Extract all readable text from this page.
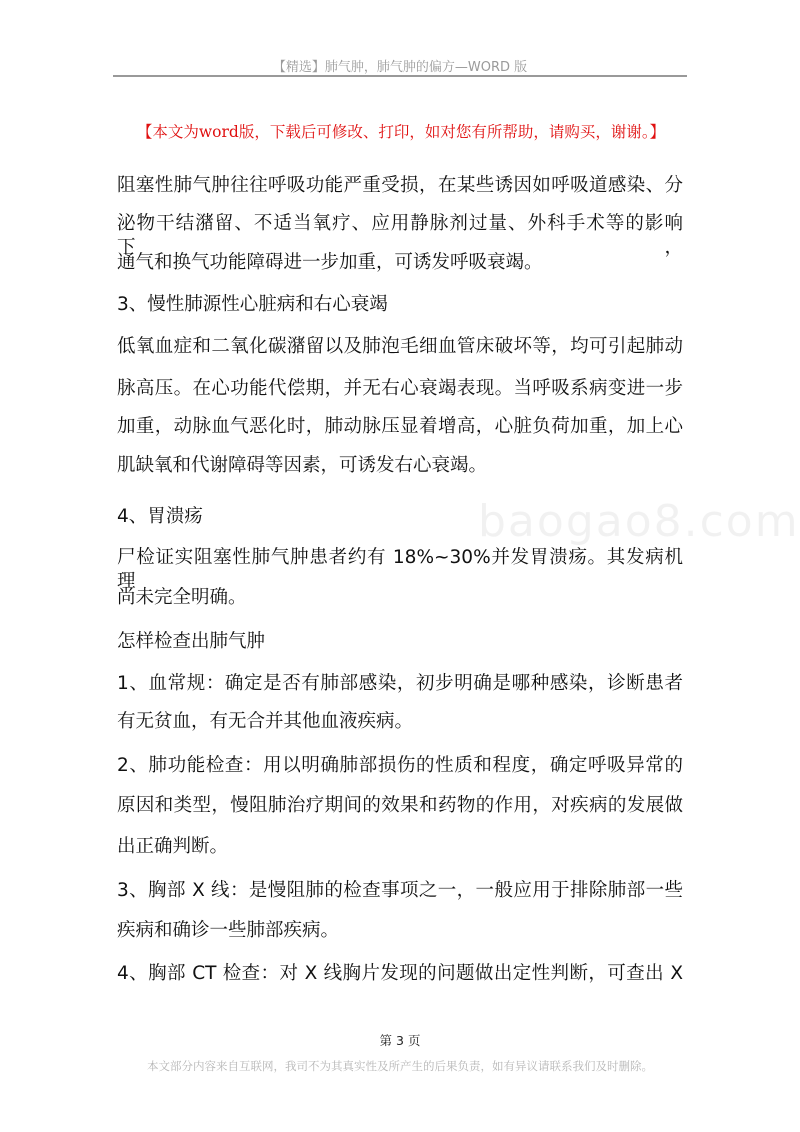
【精选】肺气肿，肺气肿的偏方—WORD 版
【本文为word版，下载后可修改、打印，如对您有所帮助，请购买，谢谢。】
baogao8.com
阻塞性肺气肿往往呼吸功能严重受损，在某些诱因如呼吸道感染、分
泌物干结潴留、不适当氧疗、应用静脉剂过量、外科手术等的影响下，
通气和换气功能障碍进一步加重，可诱发呼吸衰竭。
3、慢性肺源性心脏病和右心衰竭
低氧血症和二氧化碳潴留以及肺泡毛细血管床破坏等，均可引起肺动
脉高压。在心功能代偿期，并无右心衰竭表现。当呼吸系病变进一步
加重，动脉血气恶化时，肺动脉压显着增高，心脏负荷加重，加上心
肌缺氧和代谢障碍等因素，可诱发右心衰竭。
4、胃溃疡
尸检证实阻塞性肺气肿患者约有 18%~30%并发胃溃疡。其发病机理
尚未完全明确。
怎样检查出肺气肿
1、血常规：确定是否有肺部感染，初步明确是哪种感染，诊断患者
有无贫血，有无合并其他血液疾病。
2、肺功能检查：用以明确肺部损伤的性质和程度，确定呼吸异常的
原因和类型，慢阻肺治疗期间的效果和药物的作用，对疾病的发展做
出正确判断。
3、胸部 X 线：是慢阻肺的检查事项之一，一般应用于排除肺部一些
疾病和确诊一些肺部疾病。
4、胸部 CT 检查：对 X 线胸片发现的问题做出定性判断，可查出 X
第 3 页
本文部分内容来自互联网，我司不为其真实性及所产生的后果负责，如有异议请联系我们及时删除。
